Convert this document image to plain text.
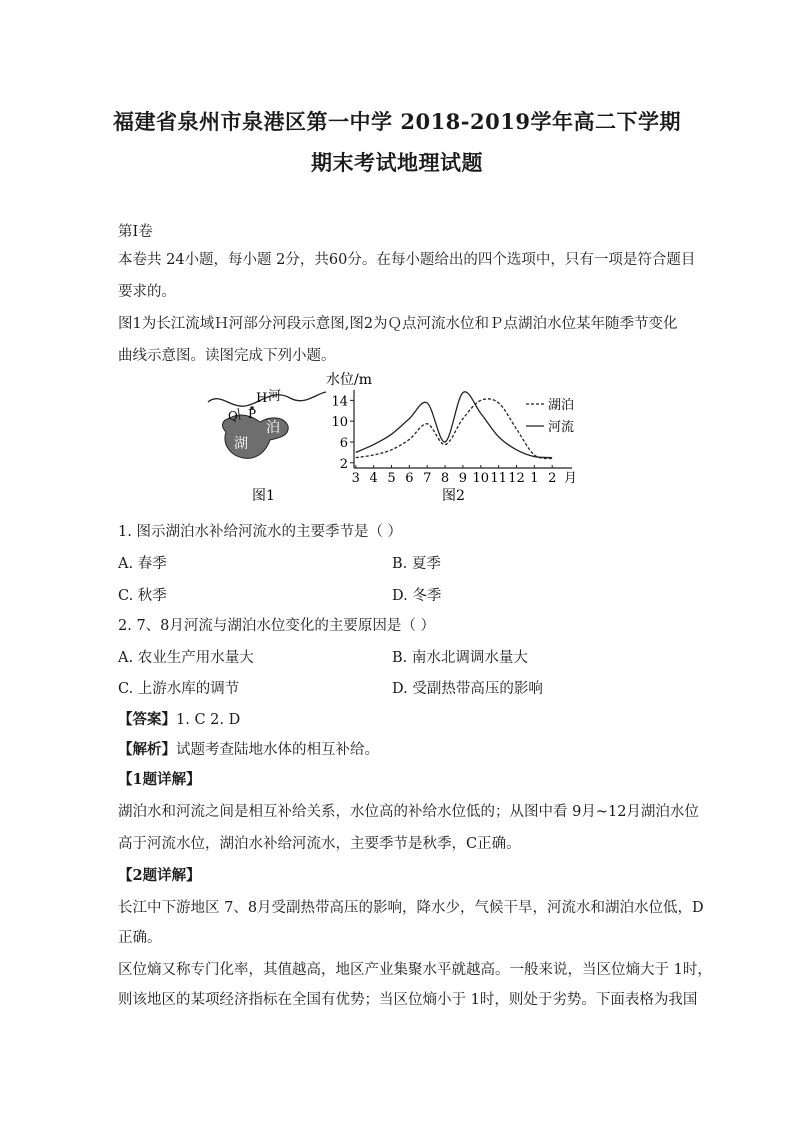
福建省泉州市泉港区第一中学 2018-2019学年高二下学期
期末考试地理试题
第Ⅰ卷
本卷共 24小题，每小题 2分，共60分。在每小题给出的四个选项中，只有一项是符合题目
要求的。
图1为长江流域Ｈ河部分河段示意图,图2为Ｑ点河流水位和Ｐ点湖泊水位某年随季节变化
曲线示意图。读图完成下列小题。
H 河
Q P
湖
泊
图1
水位/m
2
6
10
14
3 4 5 6 7 8 9 10 11 12 1 2 月
湖泊
河流
图2
1. 图示湖泊水补给河流水的主要季节是（ ）
A. 春季	B. 夏季
C. 秋季	D. 冬季
2. 7、8月河流与湖泊水位变化的主要原因是（ ）
A. 农业生产用水量大	B. 南水北调调水量大
C. 上游水库的调节	D. 受副热带高压的影响
【答案】1. C 2. D
【解析】试题考查陆地水体的相互补给。
【1题详解】
湖泊水和河流之间是相互补给关系，水位高的补给水位低的；从图中看 9月~12月湖泊水位
高于河流水位，湖泊水补给河流水，主要季节是秋季，C正确。
【2题详解】
长江中下游地区 7、8月受副热带高压的影响，降水少，气候干旱，河流水和湖泊水位低，D
正确。
区位熵又称专门化率，其值越高，地区产业集聚水平就越高。一般来说，当区位熵大于 1时，
则该地区的某项经济指标在全国有优势；当区位熵小于 1时，则处于劣势。下面表格为我国
